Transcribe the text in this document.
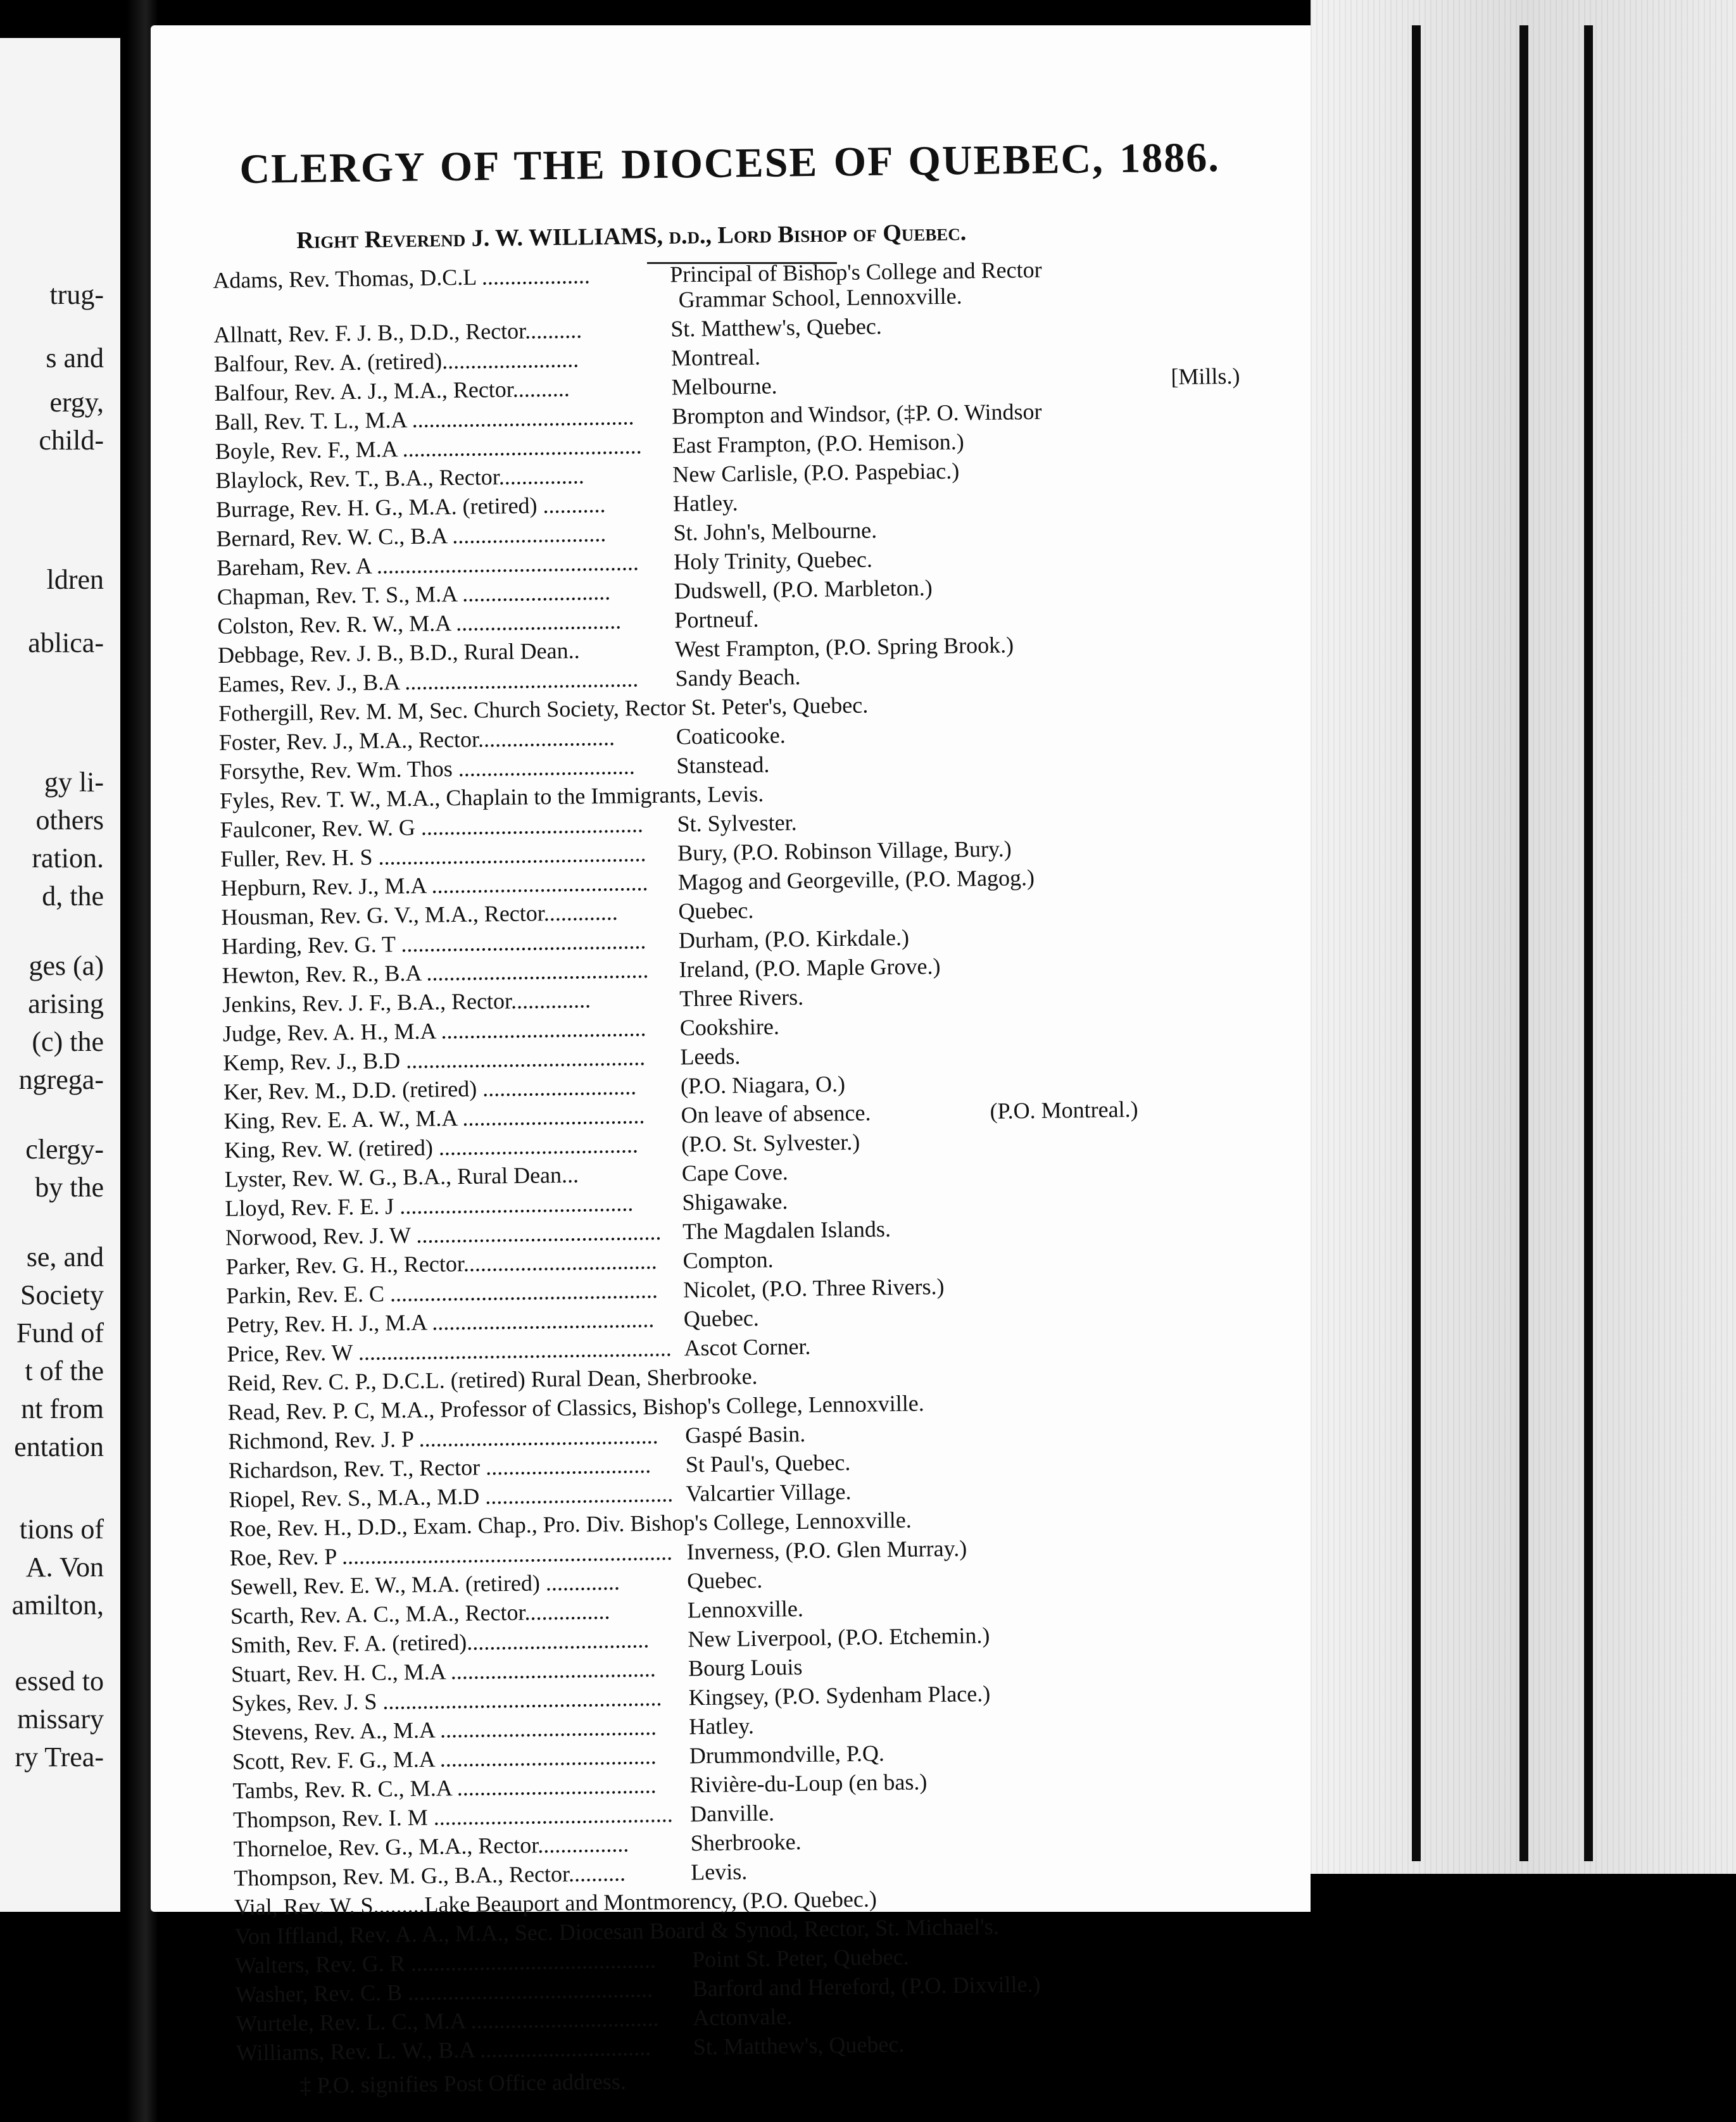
trug-
s and
ergy,
child-
ldren
ablica-
gy li-
others
ration.
d, the
ges (a)
arising
(c) the
ngrega-
clergy-
by the
se, and
Society
Fund of
t of the
nt from
entation
tions of
A. Von
amilton,
essed to
missary
ry Trea-
CLERGY OF THE DIOCESE OF QUEBEC, 1886.
Right Reverend J. W. WILLIAMS, d.d., Lord Bishop of Quebec.
Adams, Rev. Thomas, D.C.L ...................	Principal of Bishop's College and Rector
Grammar School, Lennoxville.
Allnatt, Rev. F. J. B., D.D., Rector..........	St. Matthew's, Quebec.
Balfour, Rev. A. (retired)........................	Montreal.
Balfour, Rev. A. J., M.A., Rector..........	Melbourne.	[Mills.)
Ball, Rev. T. L., M.A ....................................... Brompton and Windsor, (‡P. O. Windsor
Boyle, Rev. F., M.A .......................................... East Frampton, (P.O. Hemison.)
Blaylock, Rev. T., B.A., Rector...............	New Carlisle, (P.O. Paspebiac.)
Burrage, Rev. H. G., M.A. (retired) ...........	Hatley.
Bernard, Rev. W. C., B.A ...........................	St. John's, Melbourne.
Bareham, Rev. A .............................................. Holy Trinity, Quebec.
Chapman, Rev. T. S., M.A ..........................	Dudswell, (P.O. Marbleton.)
Colston, Rev. R. W., M.A ............................. Portneuf.
Debbage, Rev. J. B., B.D., Rural Dean..	West Frampton, (P.O. Spring Brook.)
Eames, Rev. J., B.A ......................................... Sandy Beach.
Fothergill, Rev. M. M, Sec. Church Society, Rector St. Peter's, Quebec.
Foster, Rev. J., M.A., Rector........................	Coaticooke.
Forsythe, Rev. Wm. Thos ............................... Stanstead.
Fyles, Rev. T. W., M.A., Chaplain to the Immigrants, Levis.
Faulconer, Rev. W. G ....................................... St. Sylvester.
Fuller, Rev. H. S ............................................... Bury, (P.O. Robinson Village, Bury.)
Hepburn, Rev. J., M.A ...................................... Magog and Georgeville, (P.O. Magog.)
Housman, Rev. G. V., M.A., Rector.............	Quebec.
Harding, Rev. G. T ........................................... Durham, (P.O. Kirkdale.)
Hewton, Rev. R., B.A ....................................... Ireland, (P.O. Maple Grove.)
Jenkins, Rev. J. F., B.A., Rector..............	Three Rivers.
Judge, Rev. A. H., M.A .................................... Cookshire.
Kemp, Rev. J., B.D .......................................... Leeds.
Ker, Rev. M., D.D. (retired) ........................... (P.O. Niagara, O.)
King, Rev. E. A. W., M.A ................................ On leave of absence.	(P.O. Montreal.)
King, Rev. W. (retired) ................................... (P.O. St. Sylvester.)
Lyster, Rev. W. G., B.A., Rural Dean...	Cape Cove.
Lloyd, Rev. F. E. J ......................................... Shigawake.
Norwood, Rev. J. W ........................................... The Magdalen Islands.
Parker, Rev. G. H., Rector.................................. Compton.
Parkin, Rev. E. C ............................................... Nicolet, (P.O. Three Rivers.)
Petry, Rev. H. J., M.A ....................................... Quebec.
Price, Rev. W ....................................................... Ascot Corner.
Reid, Rev. C. P., D.C.L. (retired) Rural Dean, Sherbrooke.
Read, Rev. P. C, M.A., Professor of Classics, Bishop's College, Lennoxville.
Richmond, Rev. J. P .......................................... Gaspé Basin.
Richardson, Rev. T., Rector ............................. St Paul's, Quebec.
Riopel, Rev. S., M.A., M.D ................................. Valcartier Village.
Roe, Rev. H., D.D., Exam. Chap., Pro. Div. Bishop's College, Lennoxville.
Roe, Rev. P .......................................................... Inverness, (P.O. Glen Murray.)
Sewell, Rev. E. W., M.A. (retired) .............	Quebec.
Scarth, Rev. A. C., M.A., Rector...............	Lennoxville.
Smith, Rev. F. A. (retired)................................ New Liverpool, (P.O. Etchemin.)
Stuart, Rev. H. C., M.A .................................... Bourg Louis
Sykes, Rev. J. S ................................................. Kingsey, (P.O. Sydenham Place.)
Stevens, Rev. A., M.A ...................................... Hatley.
Scott, Rev. F. G., M.A ...................................... Drummondville, P.Q.
Tambs, Rev. R. C., M.A ................................... Rivière-du-Loup (en bas.)
Thompson, Rev. I. M .......................................... Danville.
Thorneloe, Rev. G., M.A., Rector................	Sherbrooke.
Thompson, Rev. M. G., B.A., Rector..........	Levis.
Vial, Rev. W. S.........Lake Beauport and Montmorency, (P.O. Quebec.)
Von Iffland, Rev. A. A., M.A., Sec. Diocesan Board & Synod, Rector, St. Michael's.
Walters, Rev. G. R ........................................... Point St. Peter, Quebec.
Washer, Rev. C. B ........................................... Barford and Hereford, (P.O. Dixville.)
Wurtele, Rev. L. C., M.A ................................. Actonvale.
Williams, Rev. L. W., B.A .............................. St. Matthew's, Quebec.
‡ P.O. signifies Post Office address.
